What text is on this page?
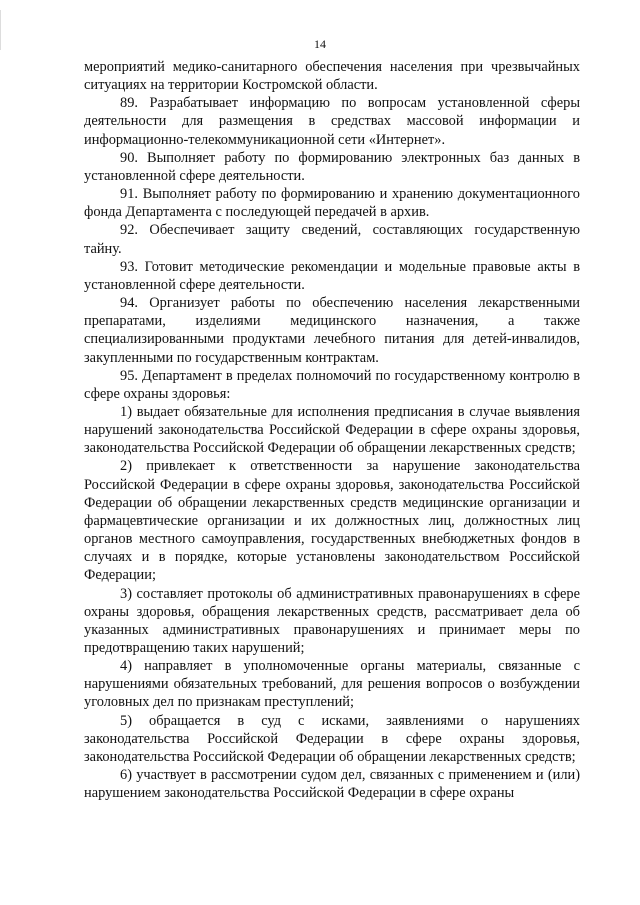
14

мероприятий медико-санитарного обеспечения населения при чрезвычайных ситуациях на территории Костромской области.

89. Разрабатывает информацию по вопросам установленной сферы деятельности для размещения в средствах массовой информации и информационно-телекоммуникационной сети «Интернет».

90. Выполняет работу по формированию электронных баз данных в установленной сфере деятельности.

91. Выполняет работу по формированию и хранению документационного фонда Департамента с последующей передачей в архив.

92. Обеспечивает защиту сведений, составляющих государственную тайну.

93. Готовит методические рекомендации и модельные правовые акты в установленной сфере деятельности.

94. Организует работы по обеспечению населения лекарственными препаратами, изделиями медицинского назначения, а также специализированными продуктами лечебного питания для детей-инвалидов, закупленными по государственным контрактам.

95. Департамент в пределах полномочий по государственному контролю в сфере охраны здоровья:

1) выдает обязательные для исполнения предписания в случае выявления нарушений законодательства Российской Федерации в сфере охраны здоровья, законодательства Российской Федерации об обращении лекарственных средств;

2) привлекает к ответственности за нарушение законодательства Российской Федерации в сфере охраны здоровья, законодательства Российской Федерации об обращении лекарственных средств медицинские организации и фармацевтические организации и их должностных лиц, должностных лиц органов местного самоуправления, государственных внебюджетных фондов в случаях и в порядке, которые установлены законодательством Российской Федерации;

3) составляет протоколы об административных правонарушениях в сфере охраны здоровья, обращения лекарственных средств, рассматривает дела об указанных административных правонарушениях и принимает меры по предотвращению таких нарушений;

4) направляет в уполномоченные органы материалы, связанные с нарушениями обязательных требований, для решения вопросов о возбуждении уголовных дел по признакам преступлений;

5) обращается в суд с исками, заявлениями о нарушениях законодательства Российской Федерации в сфере охраны здоровья, законодательства Российской Федерации об обращении лекарственных средств;

6) участвует в рассмотрении судом дел, связанных с применением и (или) нарушением законодательства Российской Федерации в сфере охраны
